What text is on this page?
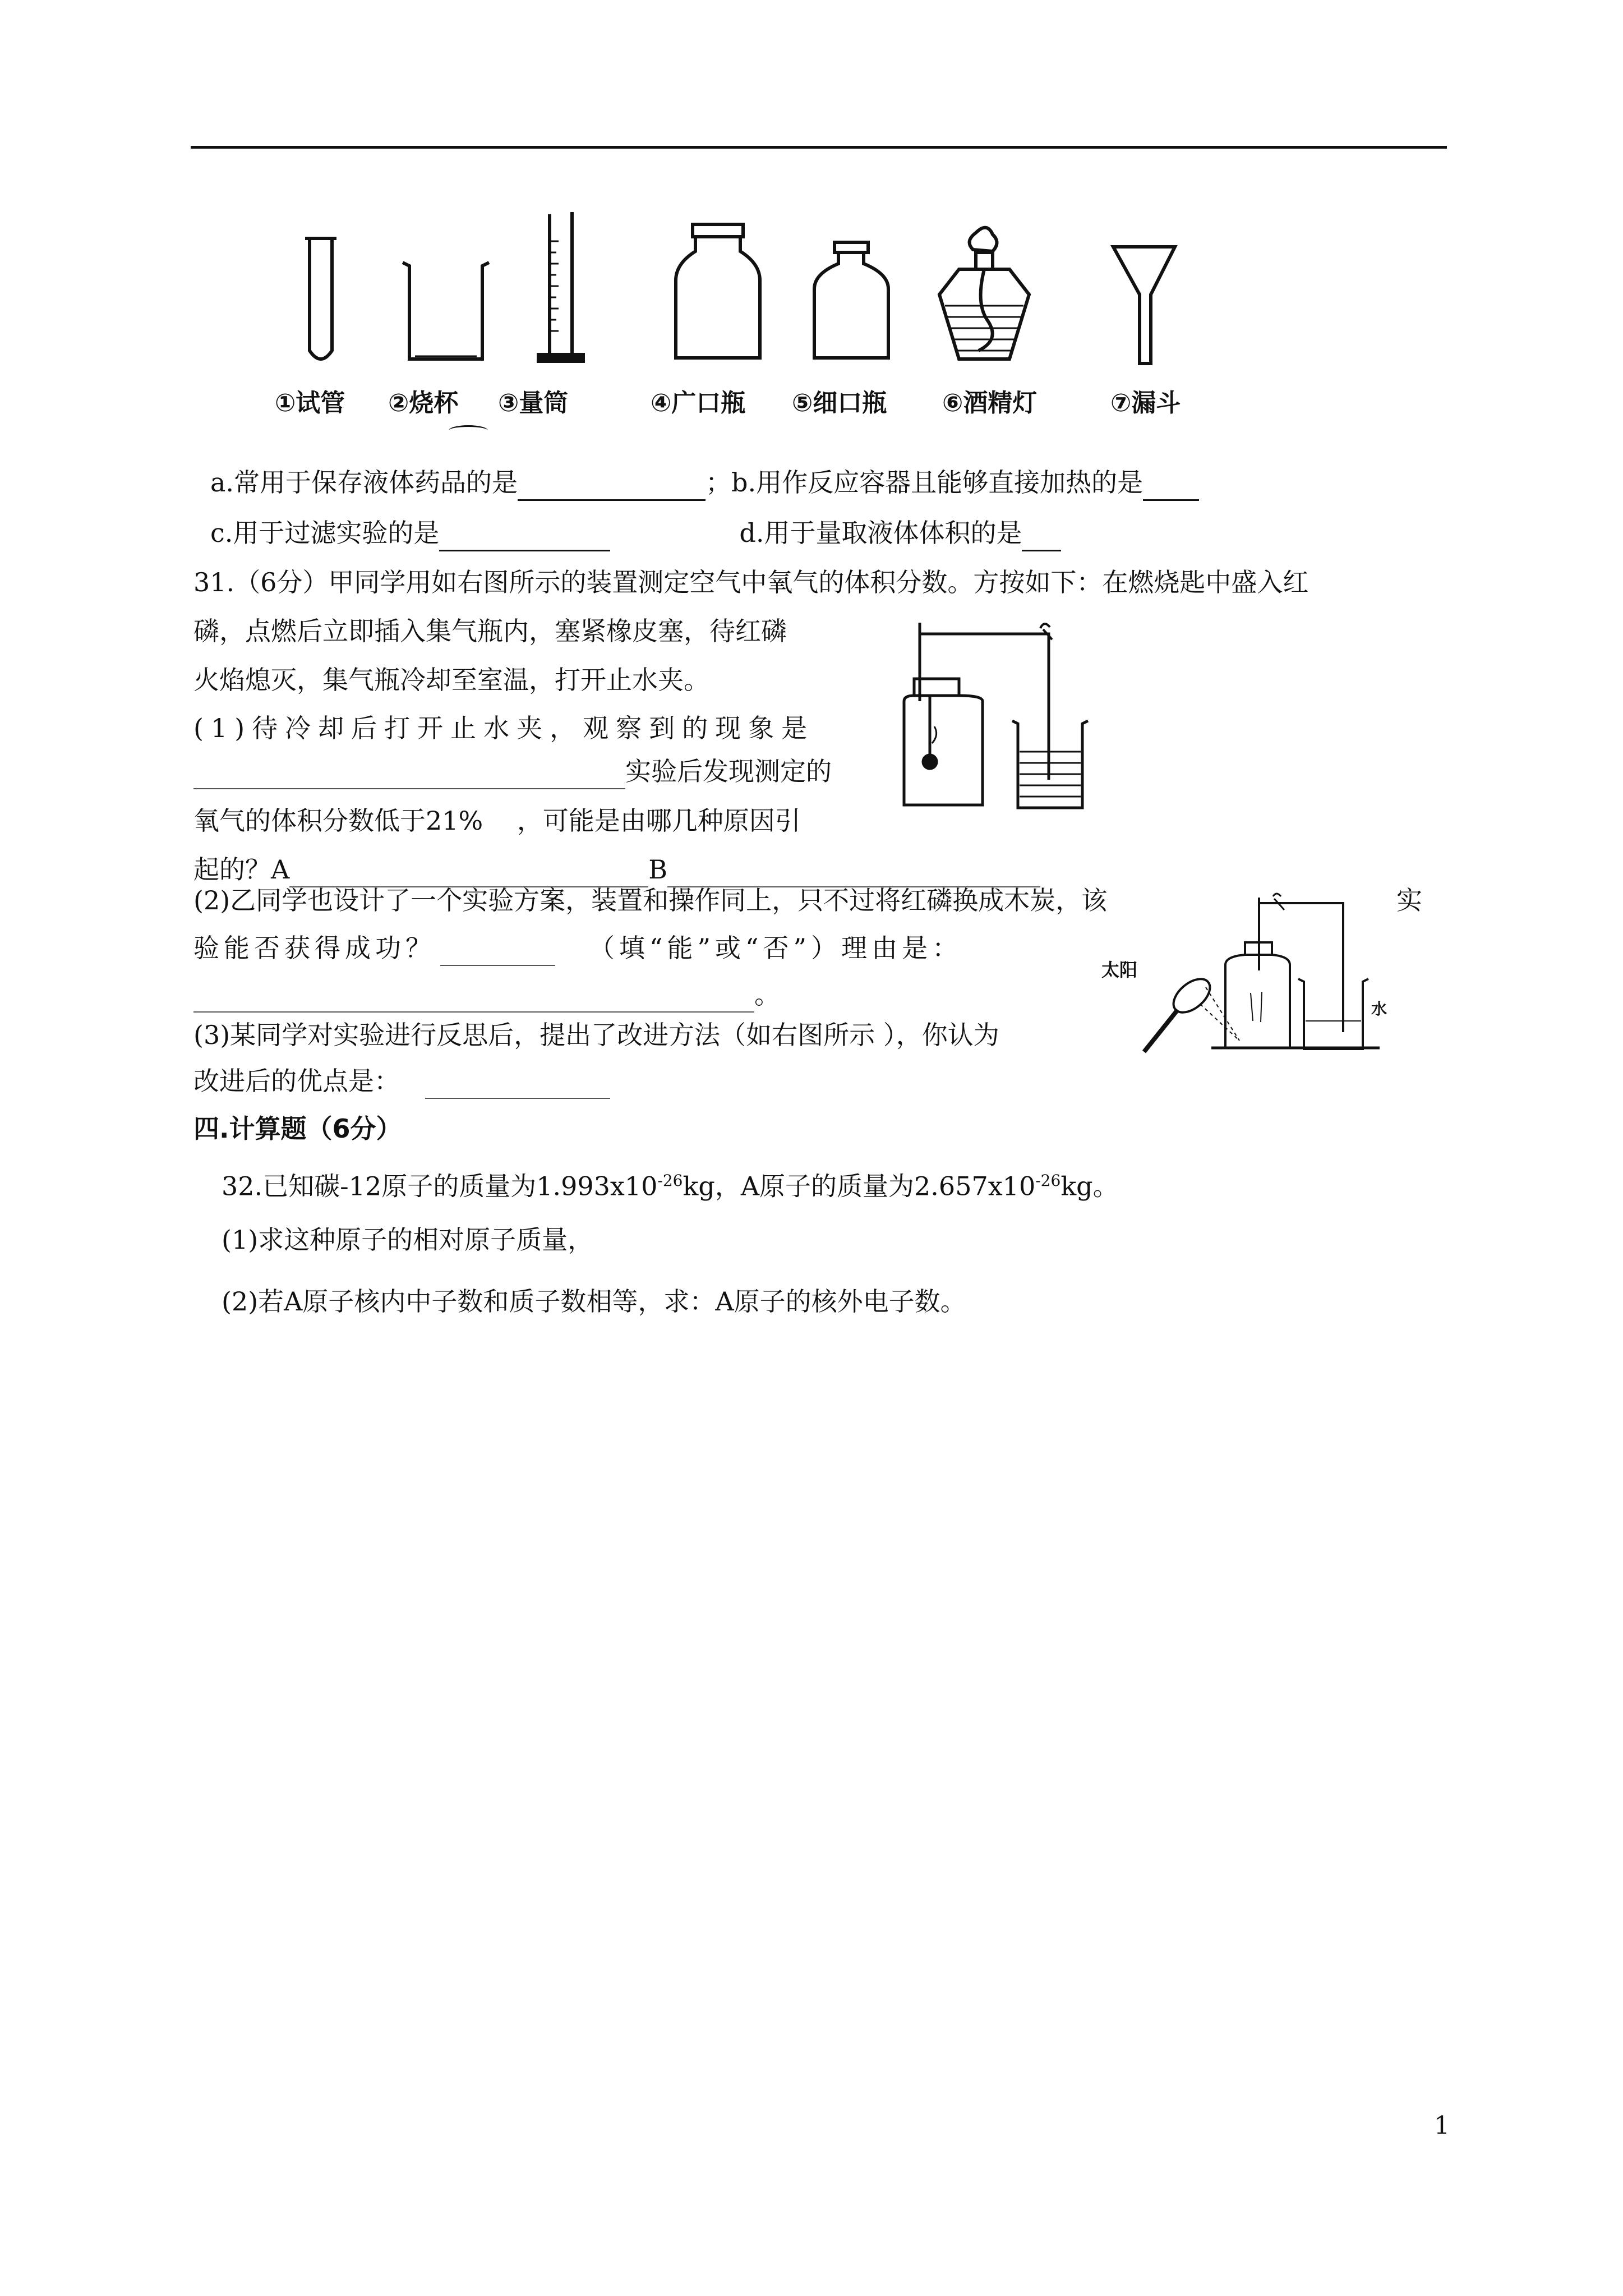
①试管 ②烧杯 ③量筒	④广口瓶 ⑤细口瓶 ⑥酒精灯	⑦漏斗
a.常用于保存液体药品的是	；b.用作反应容器且能够直接加热的是
c.用于过滤实验的是	d.用于量取液体体积的是
31.（6分）甲同学用如右图所示的装置测定空气中氧气的体积分数。方按如下：在燃烧匙中盛入红
磷，点燃后立即插入集气瓶内，塞紧橡皮塞，待红磷
火焰熄灭，集气瓶冷却至室温，打开止水夹。
(1)待冷却后打开止水夹，观察到的现象是
实验后发现测定的
氧气的体积分数低于21%　 ，可能是由哪几种原因引
起的？A	B
(2)乙同学也设计了一个实验方案，装置和操作同上，只不过将红磷换成木炭，该	实
验能否获得成功？	（填“能”或“否”）理由是：
。
太阳
水
(3)某同学对实验进行反思后，提出了改进方法（如右图所示 ），你认为
改进后的优点是：
四.计算题（6分）
32.已知碳-12原子的质量为$1.993x10^{-26}kg$，A原子的质量为$2.657x10^{-26}kg$。
(1)求这种原子的相对原子质量，
(2)若A原子核内中子数和质子数相等，求：A原子的核外电子数。
1
